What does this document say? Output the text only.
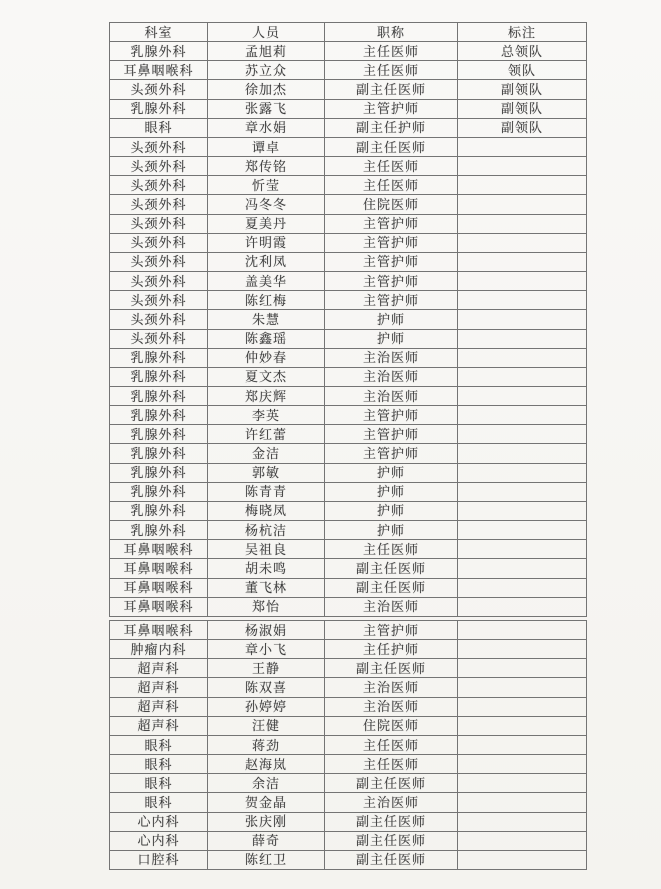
科室	人员	职称	标注
乳腺外科	孟旭莉	主任医师	总领队
耳鼻咽喉科	苏立众	主任医师	领队
头颈外科	徐加杰	副主任医师	副领队
乳腺外科	张露飞	主管护师	副领队
眼科	章水娟	副主任护师	副领队
头颈外科	谭卓	副主任医师	
头颈外科	郑传铭	主任医师	
头颈外科	忻莹	主任医师	
头颈外科	冯冬冬	住院医师	
头颈外科	夏美丹	主管护师	
头颈外科	许明霞	主管护师	
头颈外科	沈利凤	主管护师	
头颈外科	盖美华	主管护师	
头颈外科	陈红梅	主管护师	
头颈外科	朱慧	护师	
头颈外科	陈鑫瑶	护师	
乳腺外科	仲妙春	主治医师	
乳腺外科	夏文杰	主治医师	
乳腺外科	郑庆辉	主治医师	
乳腺外科	李英	主管护师	
乳腺外科	许红蕾	主管护师	
乳腺外科	金洁	主管护师	
乳腺外科	郭敏	护师	
乳腺外科	陈青青	护师	
乳腺外科	梅晓凤	护师	
乳腺外科	杨杭洁	护师	
耳鼻咽喉科	吴祖良	主任医师	
耳鼻咽喉科	胡未鸣	副主任医师	
耳鼻咽喉科	董飞林	副主任医师	
耳鼻咽喉科	郑怡	主治医师	
耳鼻咽喉科	杨淑娟	主管护师	
肿瘤内科	章小飞	主任护师	
超声科	王静	副主任医师	
超声科	陈双喜	主治医师	
超声科	孙婷婷	主治医师	
超声科	汪健	住院医师	
眼科	蒋劲	主任医师	
眼科	赵海岚	主任医师	
眼科	余洁	副主任医师	
眼科	贺金晶	主治医师	
心内科	张庆刚	副主任医师	
心内科	薛奇	副主任医师	
口腔科	陈红卫	副主任医师	
